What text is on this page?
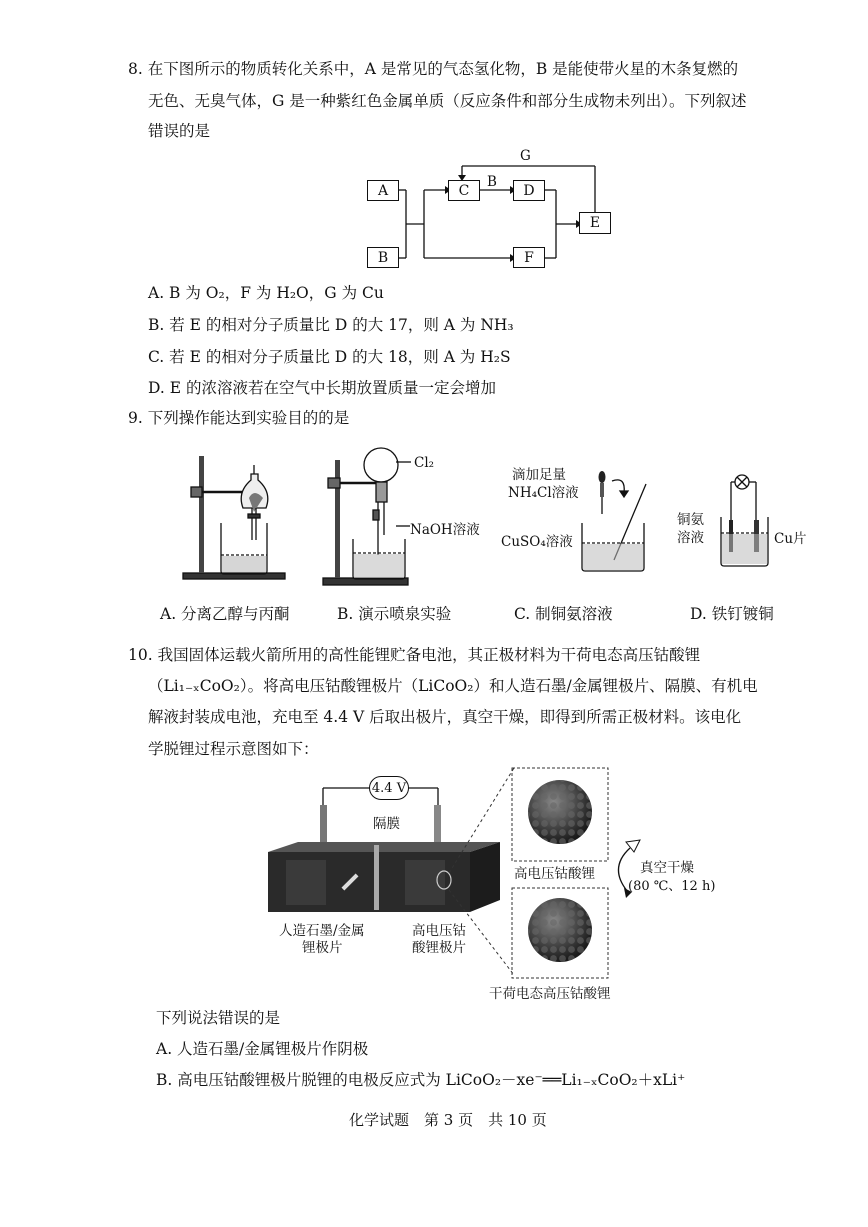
8. 在下图所示的物质转化关系中，A 是常见的气态氢化物，B 是能使带火星的木条复燃的
无色、无臭气体，G 是一种紫红色金属单质（反应条件和部分生成物未列出）。下列叙述
错误的是
A
B
C	D
E
F
G
B
A. B 为 O₂，F 为 H₂O，G 为 Cu
B. 若 E 的相对分子质量比 D 的大 17，则 A 为 NH₃
C. 若 E 的相对分子质量比 D 的大 18，则 A 为 H₂S
D. E 的浓溶液若在空气中长期放置质量一定会增加
9. 下列操作能达到实验目的的是
Cl₂
NaOH溶液
滴加足量
NH₄Cl溶液
CuSO₄溶液
铜氨
溶液	Cu片
A. 分离乙醇与丙酮	B. 演示喷泉实验	C. 制铜氨溶液	D. 铁钉镀铜
10. 我国固体运载火箭所用的高性能锂贮备电池，其正极材料为干荷电态高压钴酸锂
（Li₁₋ₓCoO₂）。将高电压钴酸锂极片（LiCoO₂）和人造石墨/金属锂极片、隔膜、有机电
解液封装成电池，充电至 4.4 V 后取出极片，真空干燥，即得到所需正极材料。该电化
学脱锂过程示意图如下：
4.4 V
隔膜
人造石墨/金属
锂极片
高电压钴
酸锂极片
高电压钴酸锂
干荷电态高压钴酸锂
真空干燥
(80 ℃、12 h)
下列说法错误的是
A. 人造石墨/金属锂极片作阴极
B. 高电压钴酸锂极片脱锂的电极反应式为 LiCoO₂－xe⁻══Li₁₋ₓCoO₂＋xLi⁺
化学试题　第 3 页　共 10 页
